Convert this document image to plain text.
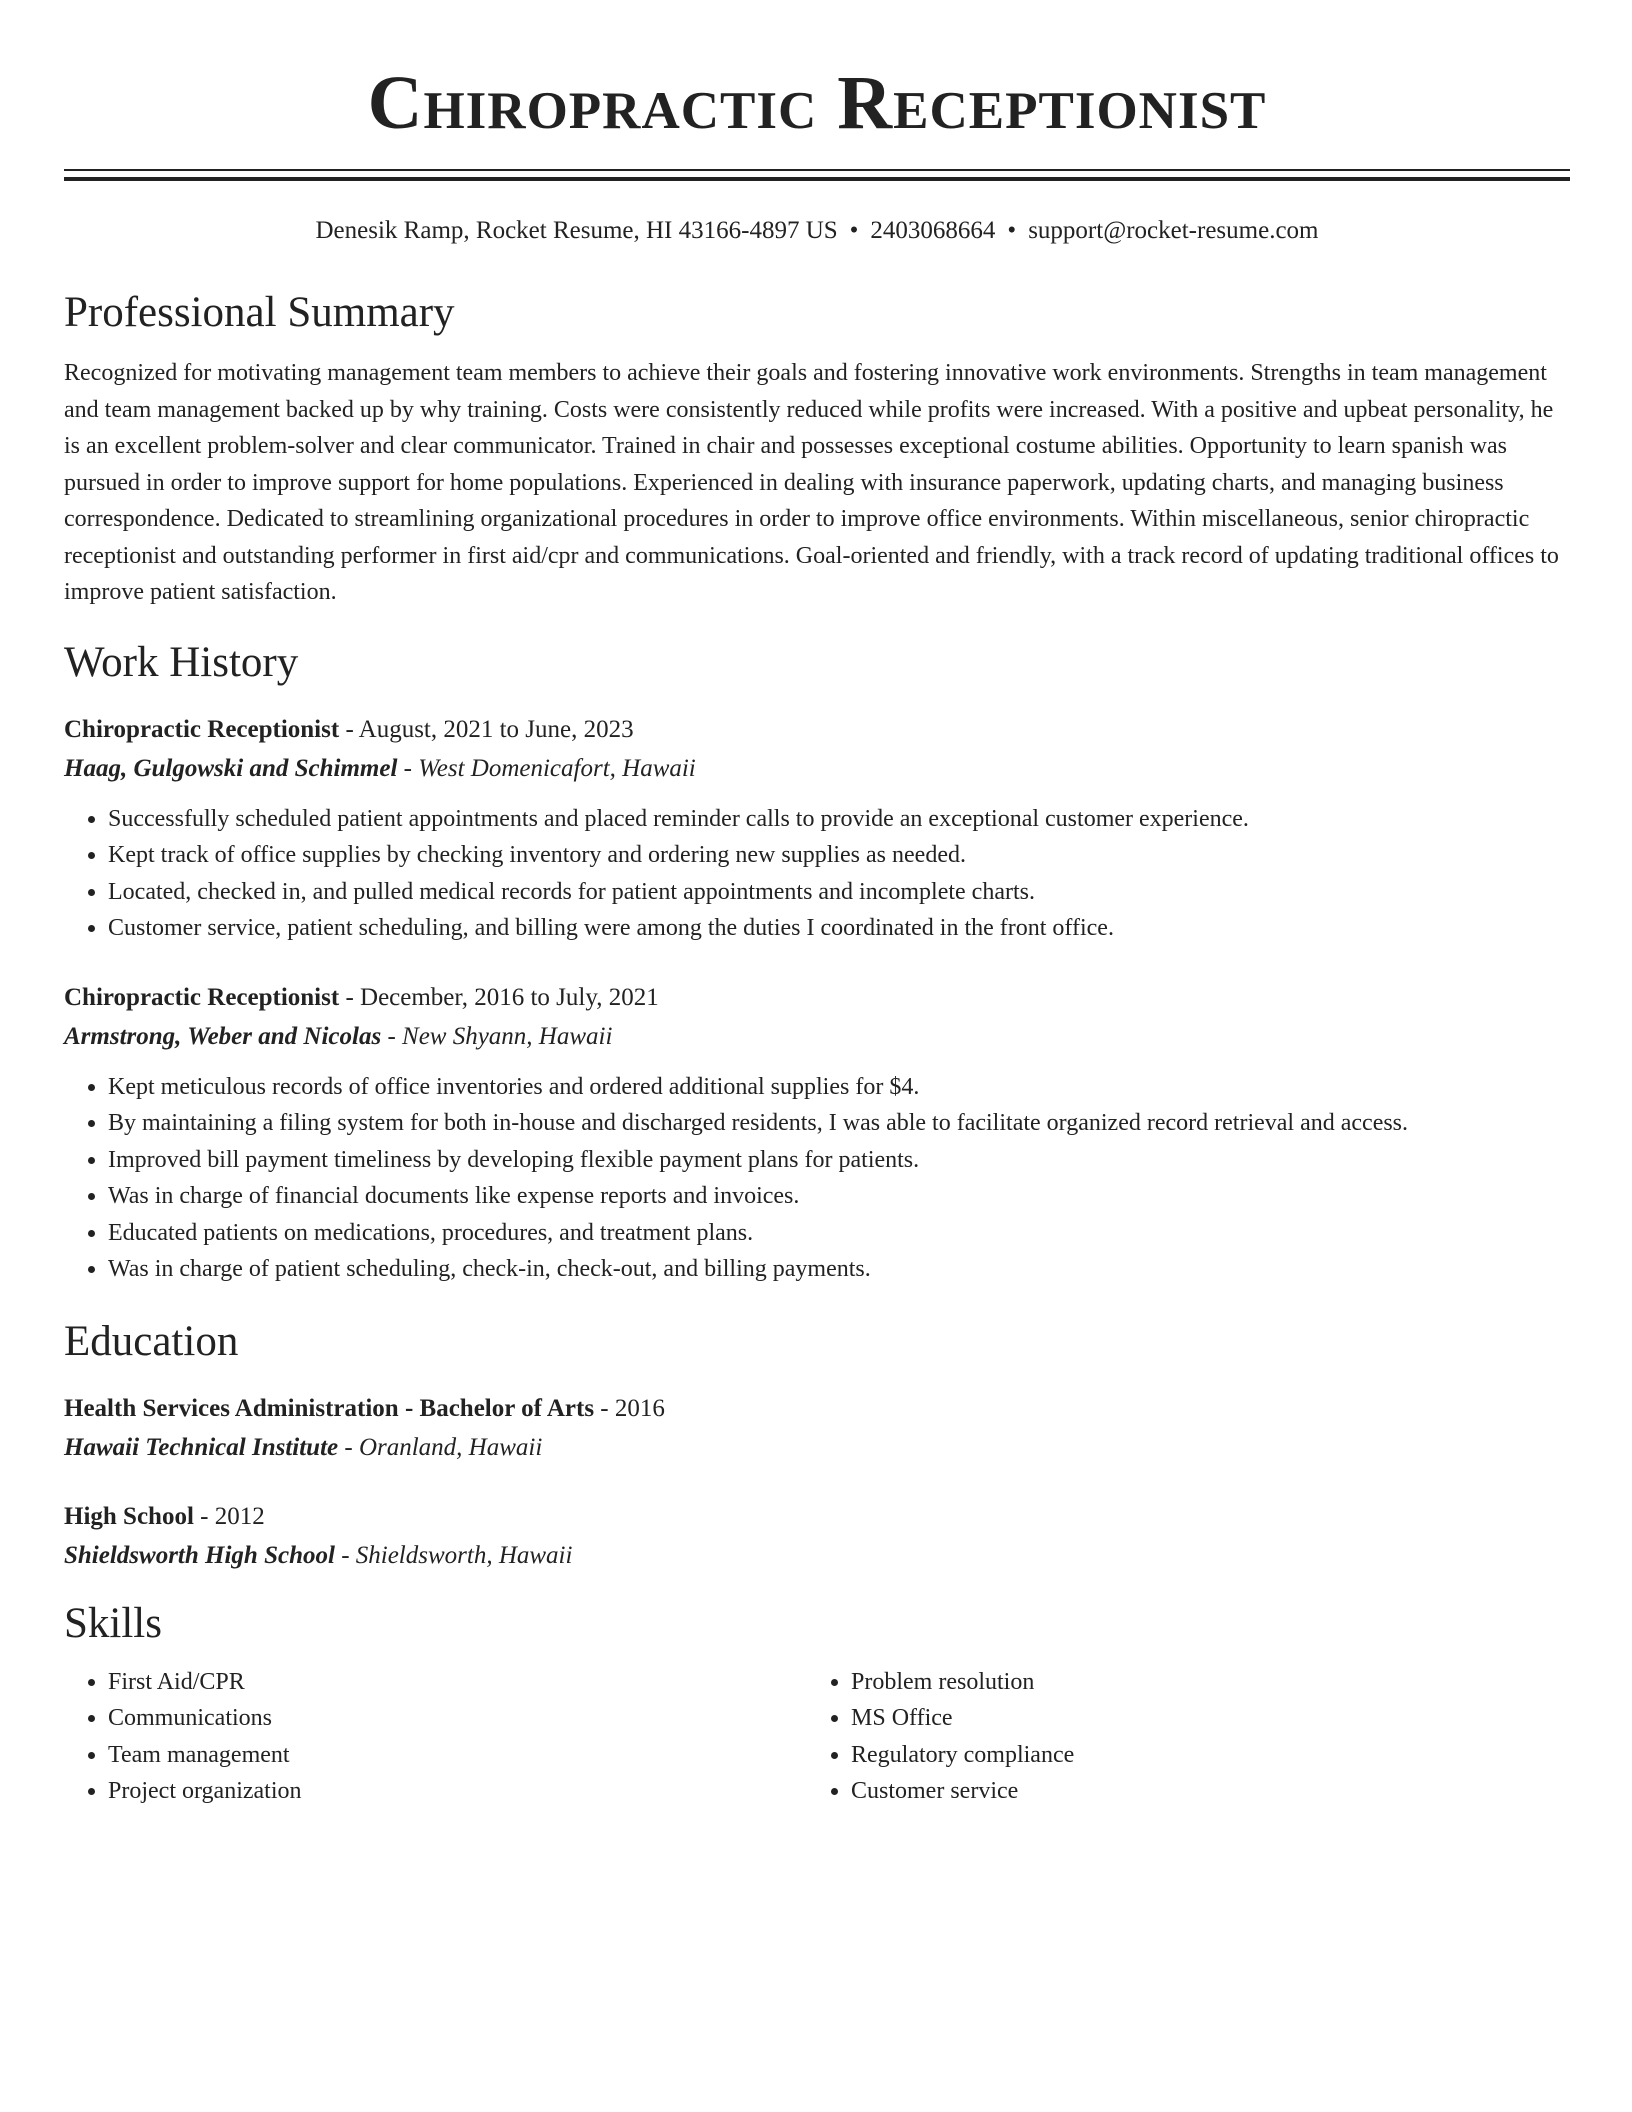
Chiropractic Receptionist
Denesik Ramp, Rocket Resume, HI 43166-4897 US • 2403068664 • support@rocket-resume.com
Professional Summary
Recognized for motivating management team members to achieve their goals and fostering innovative work environments. Strengths in team management and team management backed up by why training. Costs were consistently reduced while profits were increased. With a positive and upbeat personality, he is an excellent problem-solver and clear communicator. Trained in chair and possesses exceptional costume abilities. Opportunity to learn spanish was pursued in order to improve support for home populations. Experienced in dealing with insurance paperwork, updating charts, and managing business correspondence. Dedicated to streamlining organizational procedures in order to improve office environments. Within miscellaneous, senior chiropractic receptionist and outstanding performer in first aid/cpr and communications. Goal-oriented and friendly, with a track record of updating traditional offices to improve patient satisfaction.
Work History
Chiropractic Receptionist - August, 2021 to June, 2023
Haag, Gulgowski and Schimmel - West Domenicafort, Hawaii
• Successfully scheduled patient appointments and placed reminder calls to provide an exceptional customer experience.
• Kept track of office supplies by checking inventory and ordering new supplies as needed.
• Located, checked in, and pulled medical records for patient appointments and incomplete charts.
• Customer service, patient scheduling, and billing were among the duties I coordinated in the front office.
Chiropractic Receptionist - December, 2016 to July, 2021
Armstrong, Weber and Nicolas - New Shyann, Hawaii
• Kept meticulous records of office inventories and ordered additional supplies for $4.
• By maintaining a filing system for both in-house and discharged residents, I was able to facilitate organized record retrieval and access.
• Improved bill payment timeliness by developing flexible payment plans for patients.
• Was in charge of financial documents like expense reports and invoices.
• Educated patients on medications, procedures, and treatment plans.
• Was in charge of patient scheduling, check-in, check-out, and billing payments.
Education
Health Services Administration - Bachelor of Arts - 2016
Hawaii Technical Institute - Oranland, Hawaii
High School - 2012
Shieldsworth High School - Shieldsworth, Hawaii
Skills
• First Aid/CPR
• Communications
• Team management
• Project organization
• Problem resolution
• MS Office
• Regulatory compliance
• Customer service
